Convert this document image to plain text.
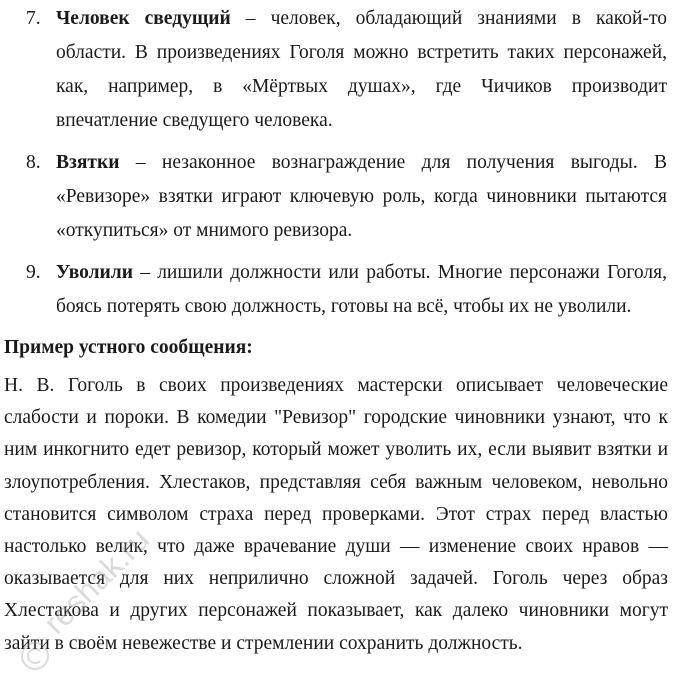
7. Человек сведущий – человек, обладающий знаниями в какой-то области. В произведениях Гоголя можно встретить таких персонажей, как, например, в «Мёртвых душах», где Чичиков производит впечатление сведущего человека.
8. Взятки – незаконное вознаграждение для получения выгоды. В «Ревизоре» взятки играют ключевую роль, когда чиновники пытаются «откупиться» от мнимого ревизора.
9. Уволили – лишили должности или работы. Многие персонажи Гоголя, боясь потерять свою должность, готовы на всё, чтобы их не уволили.
Пример устного сообщения:

Н. В. Гоголь в своих произведениях мастерски описывает человеческие слабости и пороки. В комедии "Ревизор" городские чиновники узнают, что к ним инкогнито едет ревизор, который может уволить их, если выявит взятки и злоупотребления. Хлестаков, представляя себя важным человеком, невольно становится символом страха перед проверками. Этот страх перед властью настолько велик, что даже врачевание души — изменение своих нравов — оказывается для них неприлично сложной задачей. Гоголь через образ Хлестакова и других персонажей показывает, как далеко чиновники могут зайти в своём невежестве и стремлении сохранить должность.

reshak.ru
